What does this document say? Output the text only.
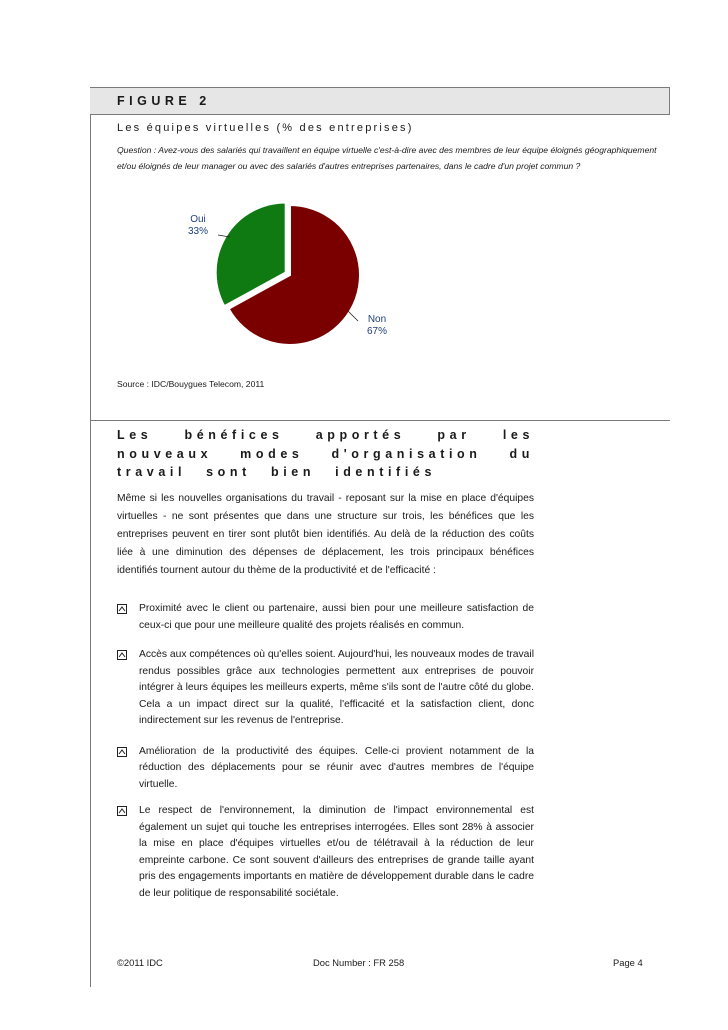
FIGURE 2
Les équipes virtuelles (% des entreprises)
Question : Avez-vous des salariés qui travaillent en équipe virtuelle c'est-à-dire avec des membres de leur équipe éloignés géographiquement et/ou éloignés de leur manager ou avec des salariés d'autres entreprises partenaires, dans le cadre d'un projet commun ?
Oui
33%
Non
67%
Source : IDC/Bouygues Telecom, 2011
Les bénéfices apportés par les nouveaux modes d'organisation du travail sont bien identifiés
Même si les nouvelles organisations du travail - reposant sur la mise en place d'équipes virtuelles - ne sont présentes que dans une structure sur trois, les bénéfices que les entreprises peuvent en tirer sont plutôt bien identifiés. Au delà de la réduction des coûts liée à une diminution des dépenses de déplacement, les trois principaux bénéfices identifiés tournent autour du thème de la productivité et de l'efficacité :
Proximité avec le client ou partenaire, aussi bien pour une meilleure satisfaction de ceux-ci que pour une meilleure qualité des projets réalisés en commun.
Accès aux compétences où qu'elles soient. Aujourd'hui, les nouveaux modes de travail rendus possibles grâce aux technologies permettent aux entreprises de pouvoir intégrer à leurs équipes les meilleurs experts, même s'ils sont de l'autre côté du globe. Cela a un impact direct sur la qualité, l'efficacité et la satisfaction client, donc indirectement sur les revenus de l'entreprise.
Amélioration de la productivité des équipes. Celle-ci provient notamment de la réduction des déplacements pour se réunir avec d'autres membres de l'équipe virtuelle.
Le respect de l'environnement, la diminution de l'impact environnemental est également un sujet qui touche les entreprises interrogées. Elles sont 28% à associer la mise en place d'équipes virtuelles et/ou de télétravail à la réduction de leur empreinte carbone. Ce sont souvent d'ailleurs des entreprises de grande taille ayant pris des engagements importants en matière de développement durable dans le cadre de leur politique de responsabilité sociétale.
©2011 IDC	Doc Number : FR 258	Page 4
